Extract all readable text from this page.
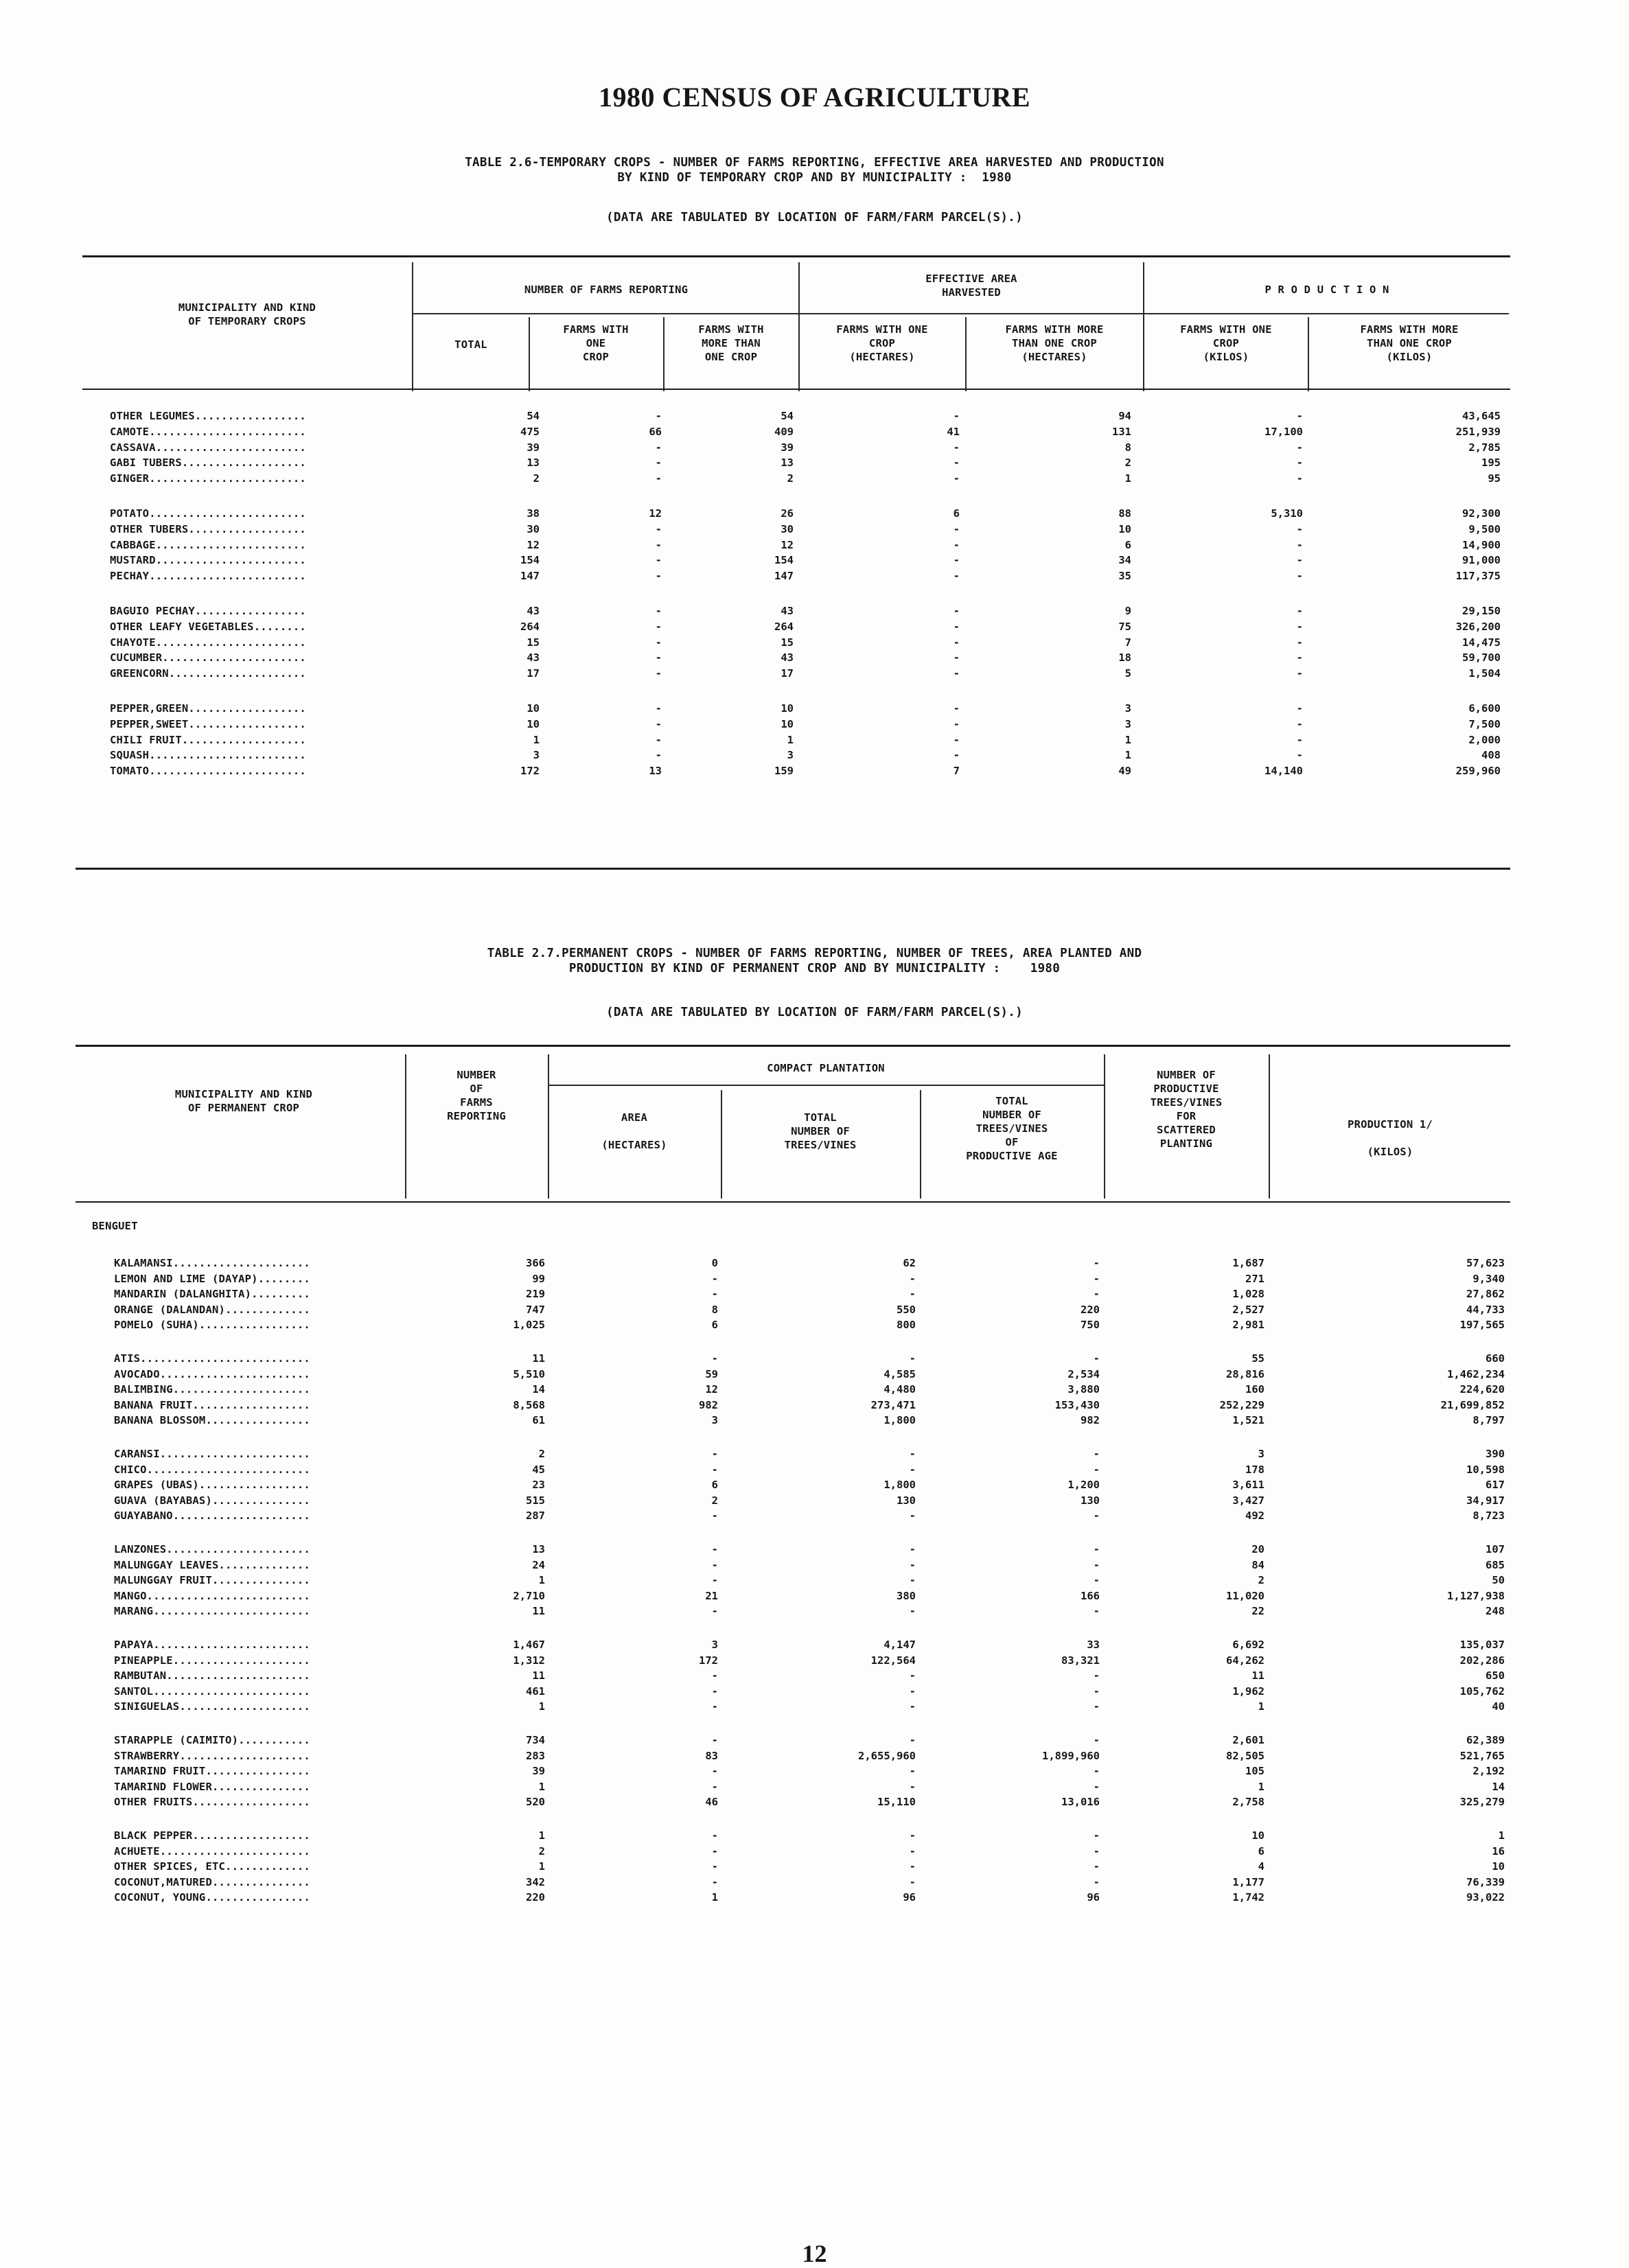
1980 CENSUS OF AGRICULTURE
TABLE 2.6-TEMPORARY CROPS - NUMBER OF FARMS REPORTING, EFFECTIVE AREA HARVESTED AND PRODUCTION
BY KIND OF TEMPORARY CROP AND BY MUNICIPALITY :  1980
(DATA ARE TABULATED BY LOCATION OF FARM/FARM PARCEL(S).)
MUNICIPALITY AND KIND
OF TEMPORARY CROPS
NUMBER OF FARMS REPORTING
EFFECTIVE AREA
HARVESTED	P R O D U C T I O N
TOTAL
FARMS WITH
ONE
CROP
FARMS WITH
MORE THAN
ONE CROP
FARMS WITH ONE
CROP
(HECTARES)
FARMS WITH MORE
THAN ONE CROP
(HECTARES)
FARMS WITH ONE
CROP
(KILOS)
FARMS WITH MORE
THAN ONE CROP
(KILOS)
OTHER LEGUMES.................	54	-	54	-	94	-	43,645
CAMOTE........................	475	66	409	41	131	17,100	251,939
CASSAVA.......................	39	-	39	-	8	-	2,785
GABI TUBERS...................	13	-	13	-	2	-	195
GINGER........................	2	-	2	-	1	-	95
POTATO........................	38	12	26	6	88	5,310	92,300
OTHER TUBERS..................	30	-	30	-	10	-	9,500
CABBAGE.......................	12	-	12	-	6	-	14,900
MUSTARD.......................	154	-	154	-	34	-	91,000
PECHAY........................	147	-	147	-	35	-	117,375
BAGUIO PECHAY.................	43	-	43	-	9	-	29,150
OTHER LEAFY VEGETABLES........	264	-	264	-	75	-	326,200
CHAYOTE.......................	15	-	15	-	7	-	14,475
CUCUMBER......................	43	-	43	-	18	-	59,700
GREENCORN.....................	17	-	17	-	5	-	1,504
PEPPER,GREEN..................	10	-	10	-	3	-	6,600
PEPPER,SWEET..................	10	-	10	-	3	-	7,500
CHILI FRUIT...................	1	-	1	-	1	-	2,000
SQUASH........................	3	-	3	-	1	-	408
TOMATO........................	172	13	159	7	49	14,140	259,960
TABLE 2.7.PERMANENT CROPS - NUMBER OF FARMS REPORTING, NUMBER OF TREES, AREA PLANTED AND
PRODUCTION BY KIND OF PERMANENT CROP AND BY MUNICIPALITY :    1980
(DATA ARE TABULATED BY LOCATION OF FARM/FARM PARCEL(S).)
MUNICIPALITY AND KIND
OF PERMANENT CROP
NUMBER
OF
FARMS
REPORTING
COMPACT PLANTATION
AREA

(HECTARES)
TOTAL
NUMBER OF
TREES/VINES
TOTAL
NUMBER OF
TREES/VINES
OF
PRODUCTIVE AGE
NUMBER OF
PRODUCTIVE
TREES/VINES
FOR
SCATTERED
PLANTING
PRODUCTION 1/

(KILOS)
BENGUET
KALAMANSI.....................	366	0	62	-	1,687	57,623
LEMON AND LIME (DAYAP)........	99	-	-	-	271	9,340
MANDARIN (DALANGHITA).........	219	-	-	-	1,028	27,862
ORANGE (DALANDAN).............	747	8	550	220	2,527	44,733
POMELO (SUHA).................	1,025	6	800	750	2,981	197,565
ATIS..........................	11	-	-	-	55	660
AVOCADO.......................	5,510	59	4,585	2,534	28,816	1,462,234
BALIMBING.....................	14	12	4,480	3,880	160	224,620
BANANA FRUIT..................	8,568	982	273,471	153,430	252,229	21,699,852
BANANA BLOSSOM................	61	3	1,800	982	1,521	8,797
CARANSI.......................	2	-	-	-	3	390
CHICO.........................	45	-	-	-	178	10,598
GRAPES (UBAS).................	23	6	1,800	1,200	3,611	617
GUAVA (BAYABAS)...............	515	2	130	130	3,427	34,917
GUAYABANO.....................	287	-	-	-	492	8,723
LANZONES......................	13	-	-	-	20	107
MALUNGGAY LEAVES..............	24	-	-	-	84	685
MALUNGGAY FRUIT...............	1	-	-	-	2	50
MANGO.........................	2,710	21	380	166	11,020	1,127,938
MARANG........................	11	-	-	-	22	248
PAPAYA........................	1,467	3	4,147	33	6,692	135,037
PINEAPPLE.....................	1,312	172	122,564	83,321	64,262	202,286
RAMBUTAN......................	11	-	-	-	11	650
SANTOL........................	461	-	-	-	1,962	105,762
SINIGUELAS....................	1	-	-	-	1	40
STARAPPLE (CAIMITO)...........	734	-	-	-	2,601	62,389
STRAWBERRY....................	283	83	2,655,960	1,899,960	82,505	521,765
TAMARIND FRUIT................	39	-	-	-	105	2,192
TAMARIND FLOWER...............	1	-	-	-	1	14
OTHER FRUITS..................	520	46	15,110	13,016	2,758	325,279
BLACK PEPPER..................	1	-	-	-	10	1
ACHUETE.......................	2	-	-	-	6	16
OTHER SPICES, ETC.............	1	-	-	-	4	10
COCONUT,MATURED...............	342	-	-	-	1,177	76,339
COCONUT, YOUNG................	220	1	96	96	1,742	93,022
12
